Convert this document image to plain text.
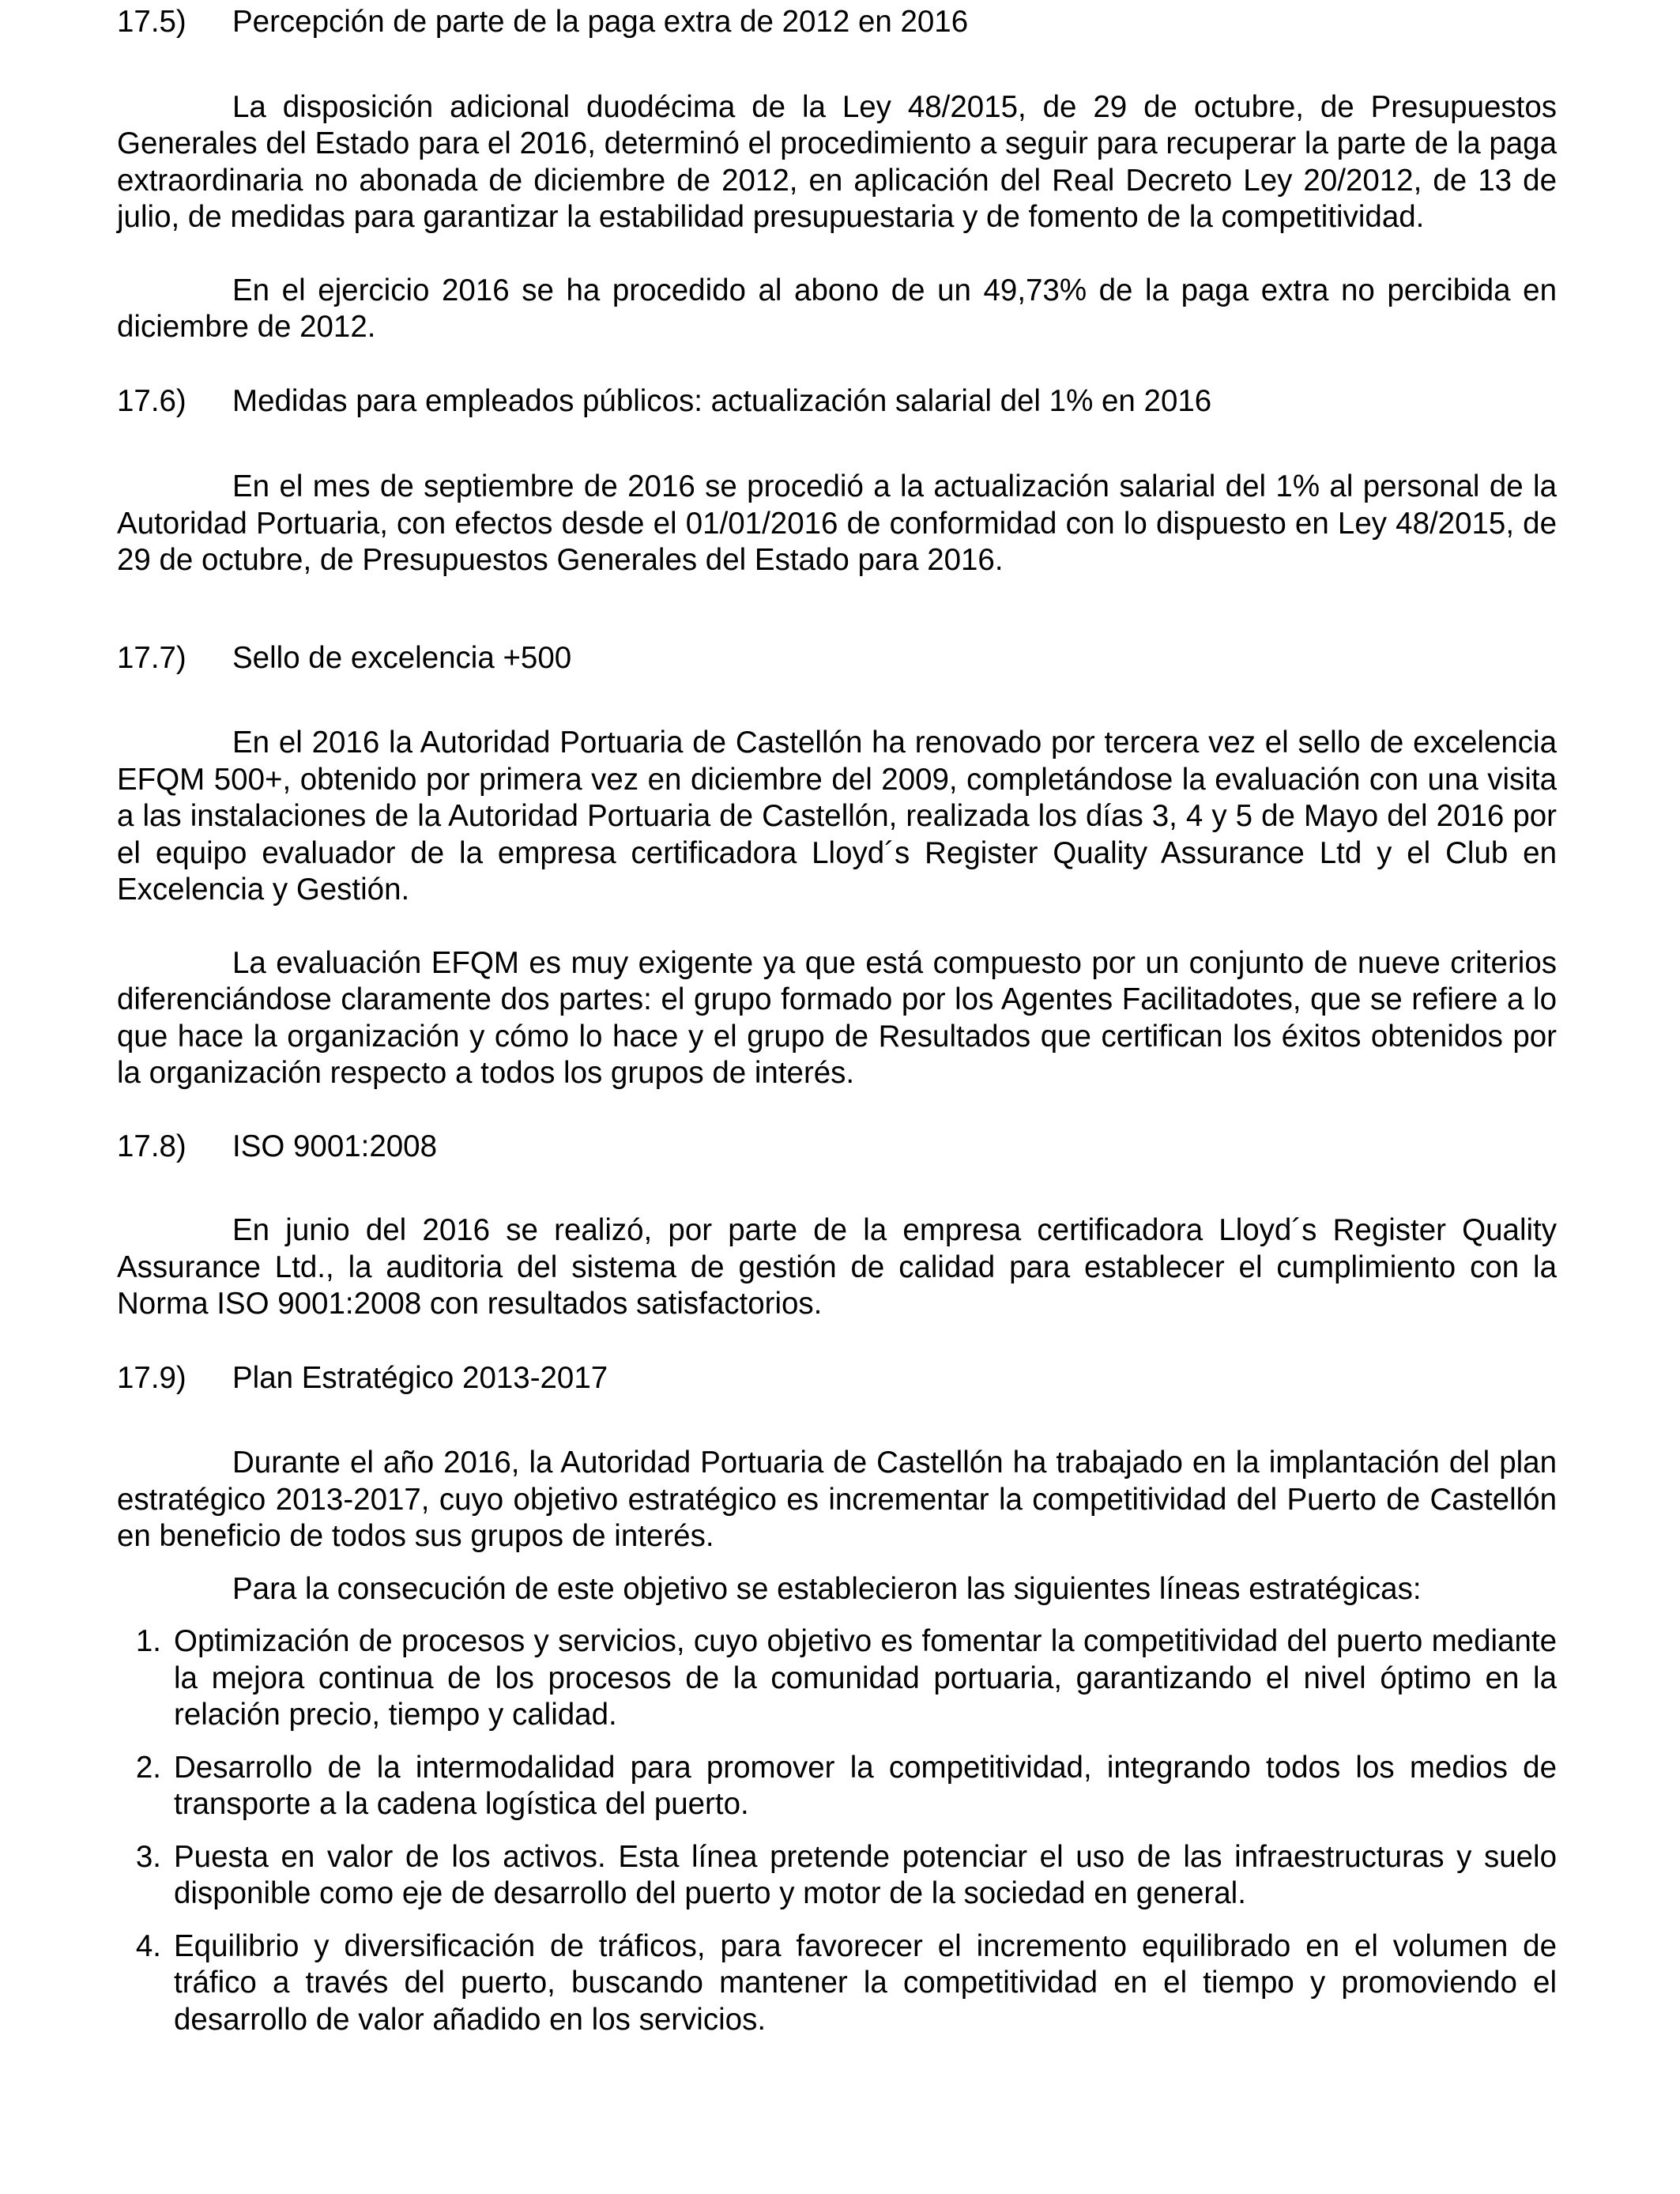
17.5)	Percepción de parte de la paga extra de 2012 en 2016

La disposición adicional duodécima de la Ley 48/2015, de 29 de octubre, de Presupuestos Generales del Estado para el 2016, determinó el procedimiento a seguir para recuperar la parte de la paga extraordinaria no abonada de diciembre de 2012, en aplicación del Real Decreto Ley 20/2012, de 13 de julio, de medidas para garantizar la estabilidad presupuestaria y de fomento de la competitividad.

En el ejercicio 2016 se ha procedido al abono de un 49,73% de la paga extra no percibida en diciembre de 2012.

17.6)	Medidas para empleados públicos: actualización salarial del 1% en 2016

En el mes de septiembre de 2016 se procedió a la actualización salarial del 1% al personal de la Autoridad Portuaria, con efectos desde el 01/01/2016 de conformidad con lo dispuesto en Ley 48/2015, de 29 de octubre, de Presupuestos Generales del Estado para 2016.

17.7)	Sello de excelencia +500

En el 2016 la Autoridad Portuaria de Castellón ha renovado por tercera vez el sello de excelencia EFQM 500+, obtenido por primera vez en diciembre del 2009, completándose la evaluación con una visita a las instalaciones de la Autoridad Portuaria de Castellón, realizada los días 3, 4 y 5 de Mayo del 2016 por el equipo evaluador de la empresa certificadora Lloyd´s Register Quality Assurance Ltd y el Club en Excelencia y Gestión.

La evaluación EFQM es muy exigente ya que está compuesto por un conjunto de nueve criterios diferenciándose claramente dos partes: el grupo formado por los Agentes Facilitadotes, que se refiere a lo que hace la organización y cómo lo hace y el grupo de Resultados que certifican los éxitos obtenidos por la organización respecto a todos los grupos de interés.

17.8)	ISO 9001:2008

En junio del 2016 se realizó, por parte de la empresa certificadora Lloyd´s Register Quality Assurance Ltd., la auditoria del sistema de gestión de calidad para establecer el cumplimiento con la Norma ISO 9001:2008 con resultados satisfactorios.

17.9)	Plan Estratégico 2013-2017

Durante el año 2016, la Autoridad Portuaria de Castellón ha trabajado en la implantación del plan estratégico 2013-2017, cuyo objetivo estratégico es incrementar la competitividad del Puerto de Castellón en beneficio de todos sus grupos de interés.

Para la consecución de este objetivo se establecieron las siguientes líneas estratégicas:

1. Optimización de procesos y servicios, cuyo objetivo es fomentar la competitividad del puerto mediante la mejora continua de los procesos de la comunidad portuaria, garantizando el nivel óptimo en la relación precio, tiempo y calidad.
2. Desarrollo de la intermodalidad para promover la competitividad, integrando todos los medios de transporte a la cadena logística del puerto.
3. Puesta en valor de los activos. Esta línea pretende potenciar el uso de las infraestructuras y suelo disponible como eje de desarrollo del puerto y motor de la sociedad en general.
4. Equilibrio y diversificación de tráficos, para favorecer el incremento equilibrado en el volumen de tráfico a través del puerto, buscando mantener la competitividad en el tiempo y promoviendo el desarrollo de valor añadido en los servicios.
